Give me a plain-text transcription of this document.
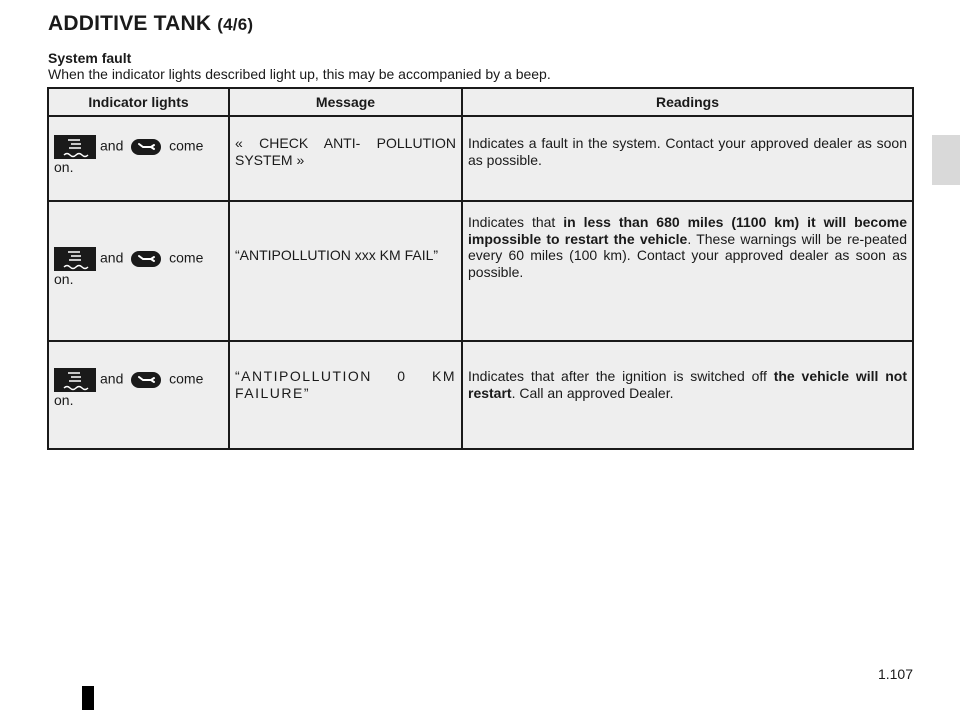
ADDITIVE TANK (4/6)
System fault
When the indicator lights described light up, this may be accompanied by a beep.
Indicator lights	Message	Readings

and come on.	« CHECK ANTI- POLLUTION SYSTEM »	Indicates a fault in the system. Contact your approved dealer as soon as possible.

and come on.	“ANTIPOLLUTION xxx KM FAIL”	Indicates that in less than 680 miles (1100 km) it will become impossible to restart the vehicle. These warnings will be re-peated every 60 miles (100 km). Contact your approved dealer as soon as possible.

and come on.	“ANTIPOLLUTION 0 KM FAILURE”	Indicates that after the ignition is switched off the vehicle will not restart. Call an approved Dealer.
1.107
